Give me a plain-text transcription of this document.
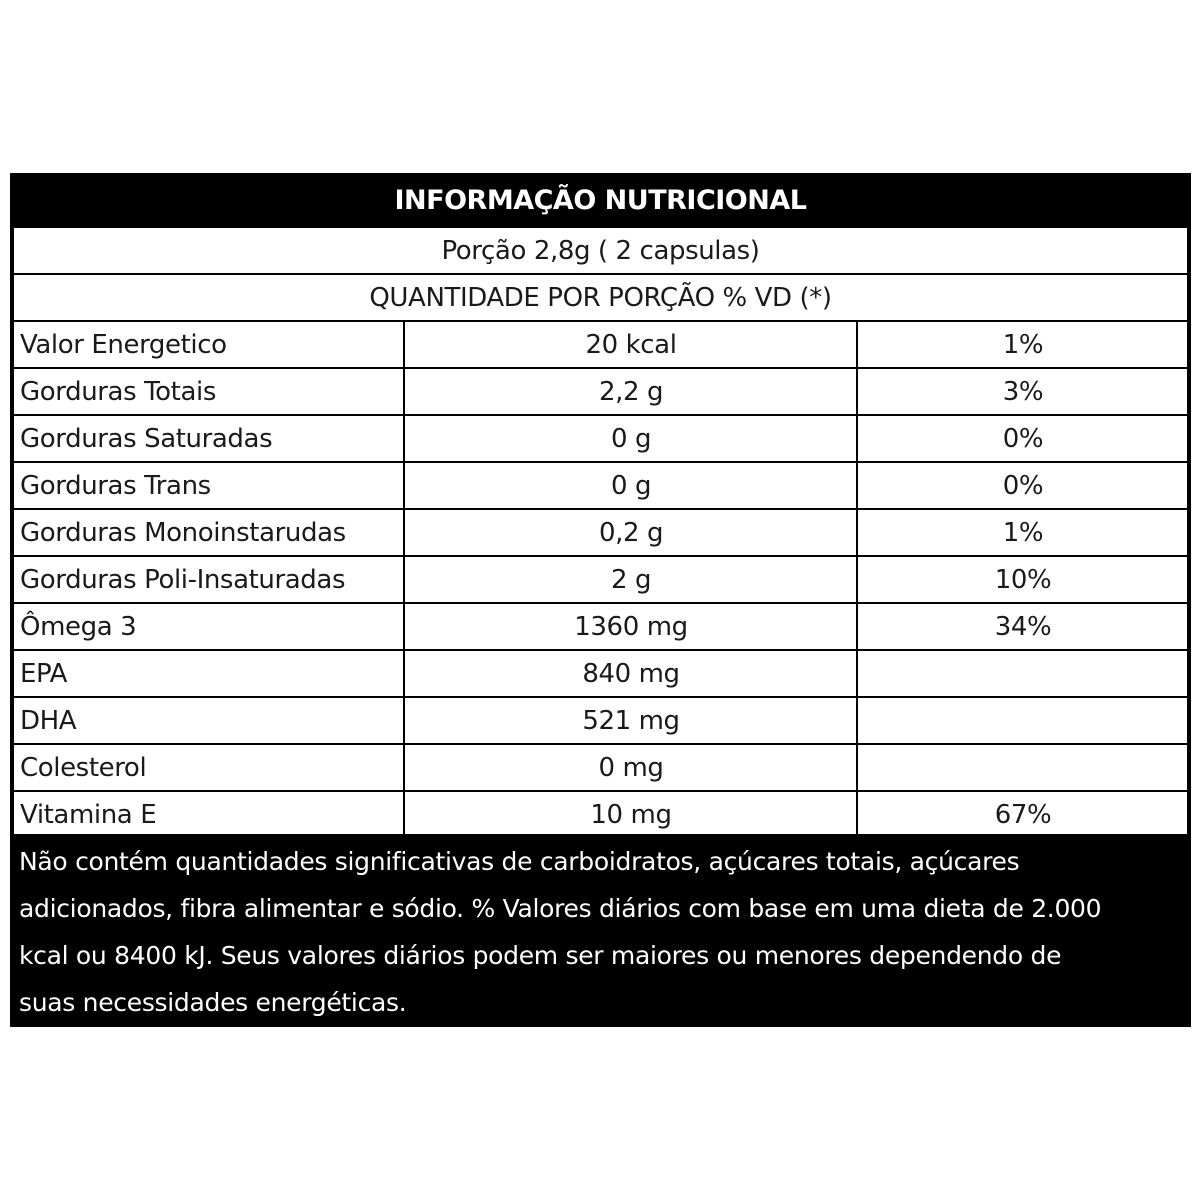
INFORMAÇÃO NUTRICIONAL
Porção 2,8g ( 2 capsulas)
QUANTIDADE POR PORÇÃO % VD (*)
Valor Energetico	20 kcal	1%
Gorduras Totais	2,2 g	3%
Gorduras Saturadas	0 g	0%
Gorduras Trans	0 g	0%
Gorduras Monoinstarudas	0,2 g	1%
Gorduras Poli-Insaturadas	2 g	10%
Ômega 3	1360 mg	34%
EPA	840 mg
DHA	521 mg
Colesterol	0 mg
Vitamina E	10 mg	67%
Não contém quantidades significativas de carboidratos, açúcares totais, açúcares
adicionados, fibra alimentar e sódio. % Valores diários com base em uma dieta de 2.000
kcal ou 8400 kJ. Seus valores diários podem ser maiores ou menores dependendo de
suas necessidades energéticas.
